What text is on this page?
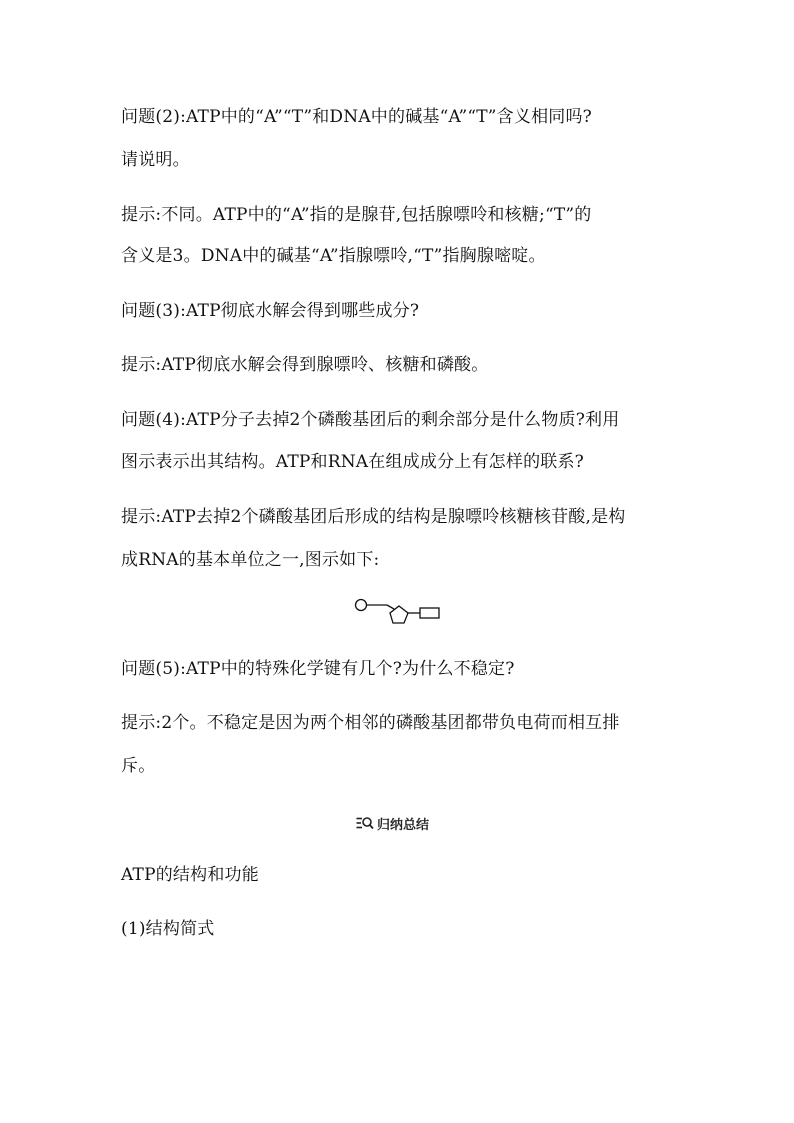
问题(2):ATP中的“A”“T”和DNA中的碱基“A”“T”含义相同吗?
请说明。
提示:不同。ATP中的“A”指的是腺苷,包括腺嘌呤和核糖;“T”的
含义是3。DNA中的碱基“A”指腺嘌呤,“T”指胸腺嘧啶。
问题(3):ATP彻底水解会得到哪些成分?
提示:ATP彻底水解会得到腺嘌呤、核糖和磷酸。
问题(4):ATP分子去掉2个磷酸基团后的剩余部分是什么物质?利用
图示表示出其结构。ATP和RNA在组成成分上有怎样的联系?
提示:ATP去掉2个磷酸基团后形成的结构是腺嘌呤核糖核苷酸,是构
成RNA的基本单位之一,图示如下:
问题(5):ATP中的特殊化学键有几个?为什么不稳定?
提示:2个。不稳定是因为两个相邻的磷酸基团都带负电荷而相互排
斥。
归纳总结
ATP的结构和功能
(1)结构简式
